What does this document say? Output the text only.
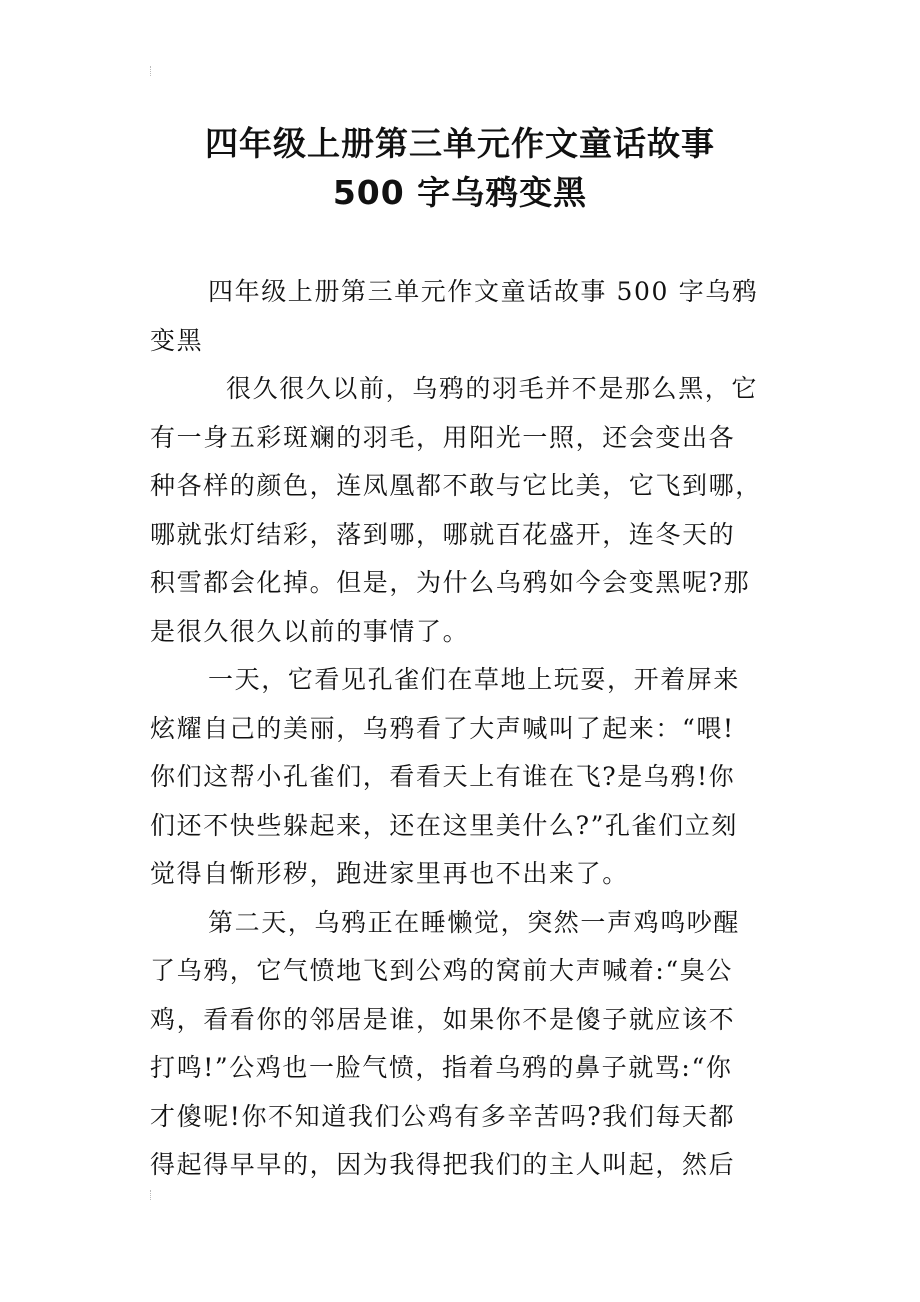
四年级上册第三单元作文童话故事
500 字乌鸦变黑
四年级上册第三单元作文童话故事 500 字乌鸦
变黑
很久很久以前，乌鸦的羽毛并不是那么黑，它
有一身五彩斑斓的羽毛，用阳光一照，还会变出各
种各样的颜色，连凤凰都不敢与它比美，它飞到哪，
哪就张灯结彩，落到哪，哪就百花盛开，连冬天的
积雪都会化掉。但是，为什么乌鸦如今会变黑呢?那
是很久很久以前的事情了。
一天，它看见孔雀们在草地上玩耍，开着屏来
炫耀自己的美丽，乌鸦看了大声喊叫了起来：“喂!
你们这帮小孔雀们，看看天上有谁在飞?是乌鸦!你
们还不快些躲起来，还在这里美什么?”孔雀们立刻
觉得自惭形秽，跑进家里再也不出来了。
第二天，乌鸦正在睡懒觉，突然一声鸡鸣吵醒
了乌鸦，它气愤地飞到公鸡的窝前大声喊着:“臭公
鸡，看看你的邻居是谁，如果你不是傻子就应该不
打鸣!”公鸡也一脸气愤，指着乌鸦的鼻子就骂:“你
才傻呢!你不知道我们公鸡有多辛苦吗?我们每天都
得起得早早的，因为我得把我们的主人叫起，然后
